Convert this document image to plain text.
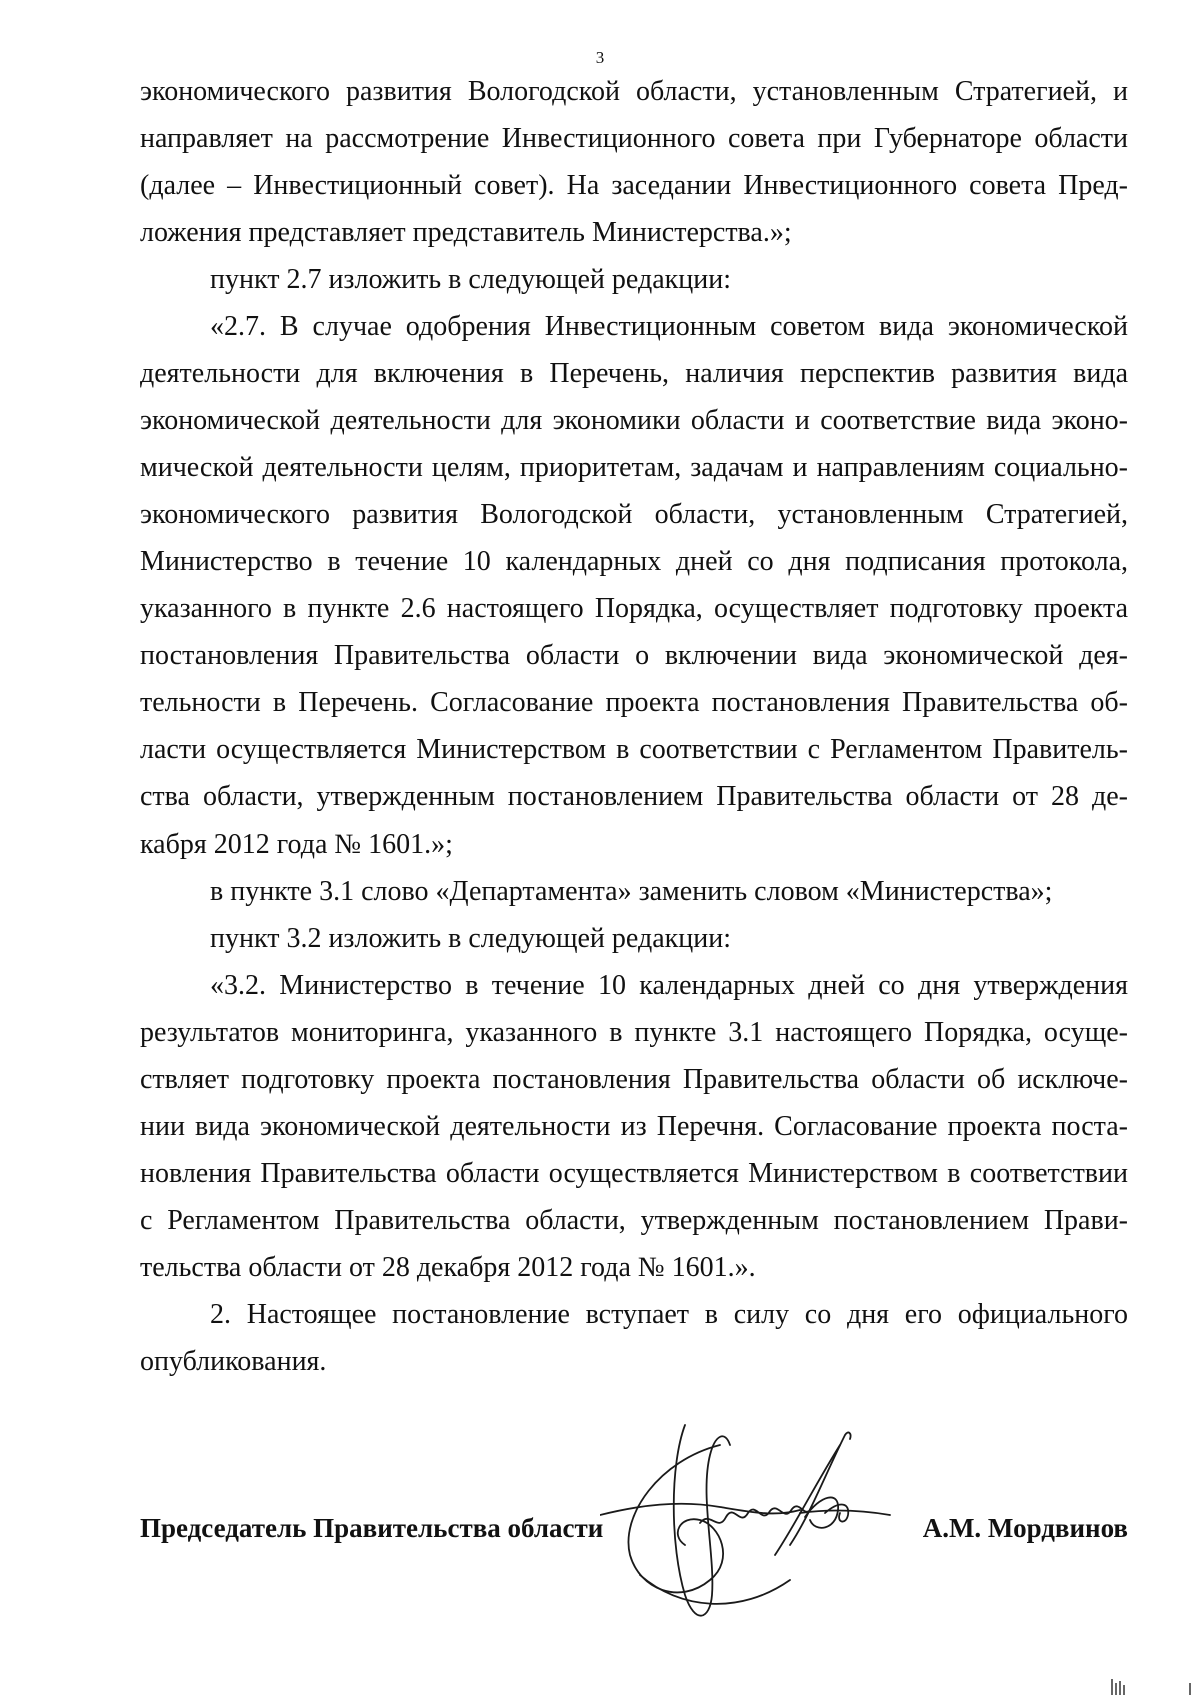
3
экономического развития Вологодской области, установленным Стратегией, и
направляет на рассмотрение Инвестиционного совета при Губернаторе области
(далее – Инвестиционный совет). На заседании Инвестиционного совета Пред-
ложения представляет представитель Министерства.»;
пункт 2.7 изложить в следующей редакции:
«2.7. В случае одобрения Инвестиционным советом вида экономической
деятельности для включения в Перечень, наличия перспектив развития вида
экономической деятельности для экономики области и соответствие вида эконо-
мической деятельности целям, приоритетам, задачам и направлениям социально-
экономического развития Вологодской области, установленным Стратегией,
Министерство в течение 10 календарных дней со дня подписания протокола,
указанного в пункте 2.6 настоящего Порядка, осуществляет подготовку проекта
постановления Правительства области о включении вида экономической дея-
тельности в Перечень. Согласование проекта постановления Правительства об-
ласти осуществляется Министерством в соответствии с Регламентом Правитель-
ства области, утвержденным постановлением Правительства области от 28 де-
кабря 2012 года № 1601.»;
в пункте 3.1 слово «Департамента» заменить словом «Министерства»;
пункт 3.2 изложить в следующей редакции:
«3.2. Министерство в течение 10 календарных дней со дня утверждения
результатов мониторинга, указанного в пункте 3.1 настоящего Порядка, осуще-
ствляет подготовку проекта постановления Правительства области об исключе-
нии вида экономической деятельности из Перечня. Согласование проекта поста-
новления Правительства области осуществляется Министерством в соответствии
с Регламентом Правительства области, утвержденным постановлением Прави-
тельства области от 28 декабря 2012 года № 1601.».
2. Настоящее постановление вступает в силу со дня его официального
опубликования.
Председатель Правительства области	А.М. Мордвинов
